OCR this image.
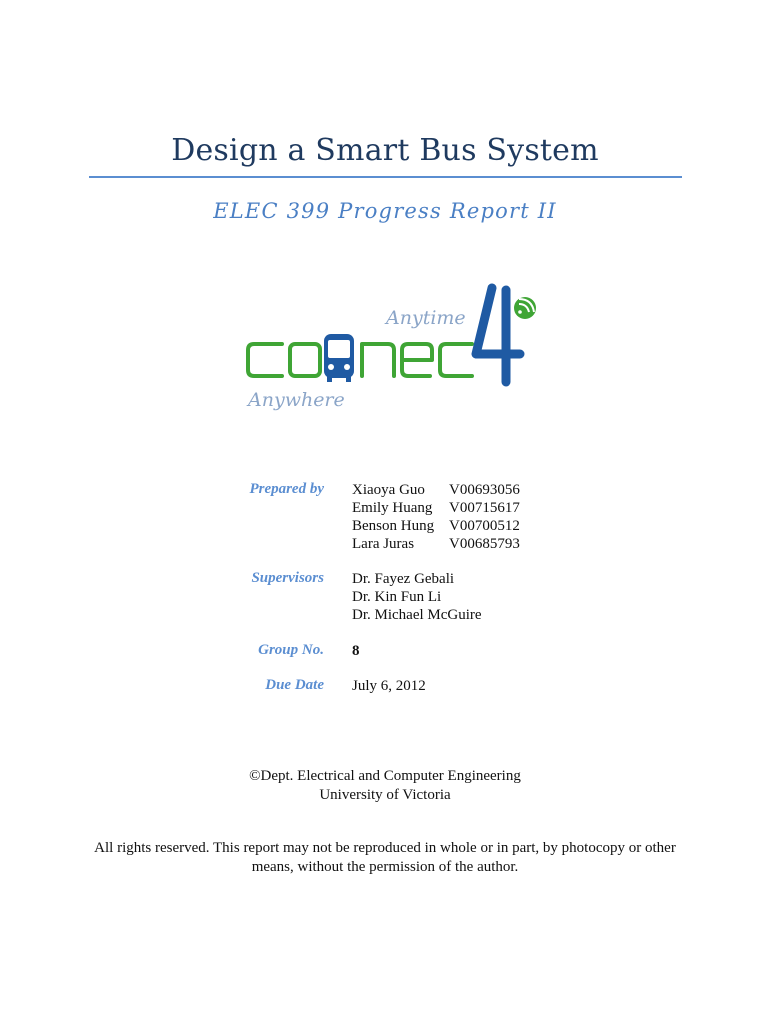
Design a Smart Bus System
ELEC 399 Progress Report II
Anytime
Anywhere
Prepared by Xiaoya Guo V00693056
Emily Huang V00715617
Benson Hung V00700512
Lara Juras V00685793
Supervisors Dr. Fayez Gebali
Dr. Kin Fun Li
Dr. Michael McGuire
Group No. 8
Due Date July 6, 2012
©Dept. Electrical and Computer Engineering
University of Victoria
All rights reserved. This report may not be reproduced in whole or in part, by photocopy or other means, without the permission of the author.
